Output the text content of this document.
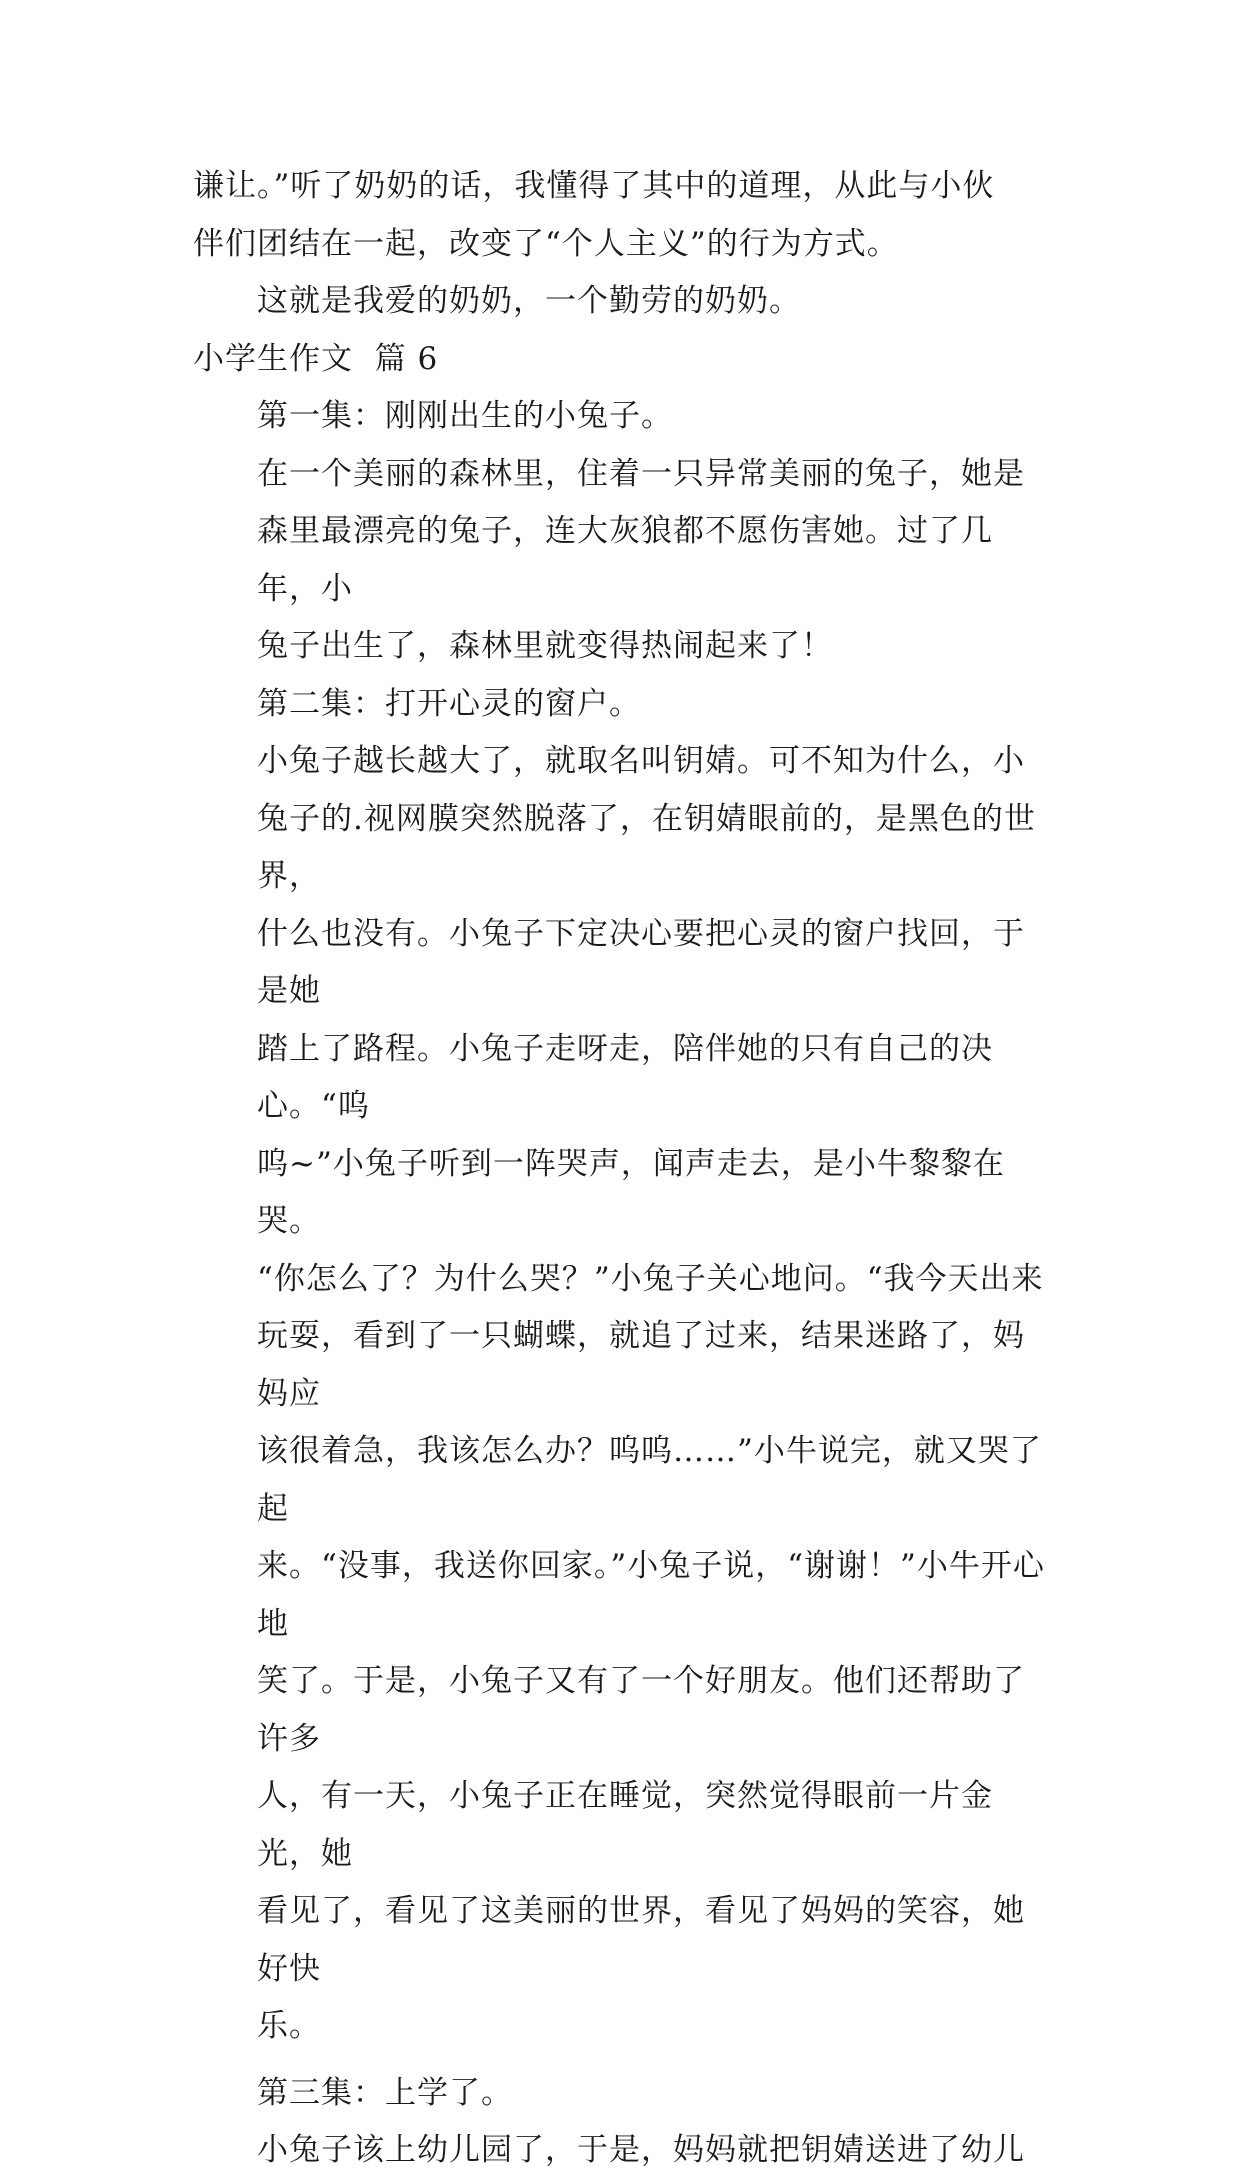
谦让。”听了奶奶的话，我懂得了其中的道理，从此与小伙
伴们团结在一起，改变了“个人主义”的行为方式。

这就是我爱的奶奶，一个勤劳的奶奶。

小学生作文  篇 6

第一集：刚刚出生的小兔子。

在一个美丽的森林里，住着一只异常美丽的兔子，她是
森里最漂亮的兔子，连大灰狼都不愿伤害她。过了几年，小
兔子出生了，森林里就变得热闹起来了！

第二集：打开心灵的窗户。

小兔子越长越大了，就取名叫钥婧。可不知为什么，小
兔子的.视网膜突然脱落了，在钥婧眼前的，是黑色的世界，
什么也没有。小兔子下定决心要把心灵的窗户找回，于是她
踏上了路程。小兔子走呀走，陪伴她的只有自己的决心。“呜
呜~”小兔子听到一阵哭声，闻声走去，是小牛黎黎在哭。
“你怎么了？为什么哭？”小兔子关心地问。“我今天出来
玩耍，看到了一只蝴蝶，就追了过来，结果迷路了，妈妈应
该很着急，我该怎么办？呜呜……”小牛说完，就又哭了起
来。“没事，我送你回家。”小兔子说，“谢谢！”小牛开心地
笑了。于是，小兔子又有了一个好朋友。他们还帮助了许多
人，有一天，小兔子正在睡觉，突然觉得眼前一片金光，她
看见了，看见了这美丽的世界，看见了妈妈的笑容，她好快
乐。

第三集：上学了。

小兔子该上幼儿园了，于是，妈妈就把钥婧送进了幼儿
